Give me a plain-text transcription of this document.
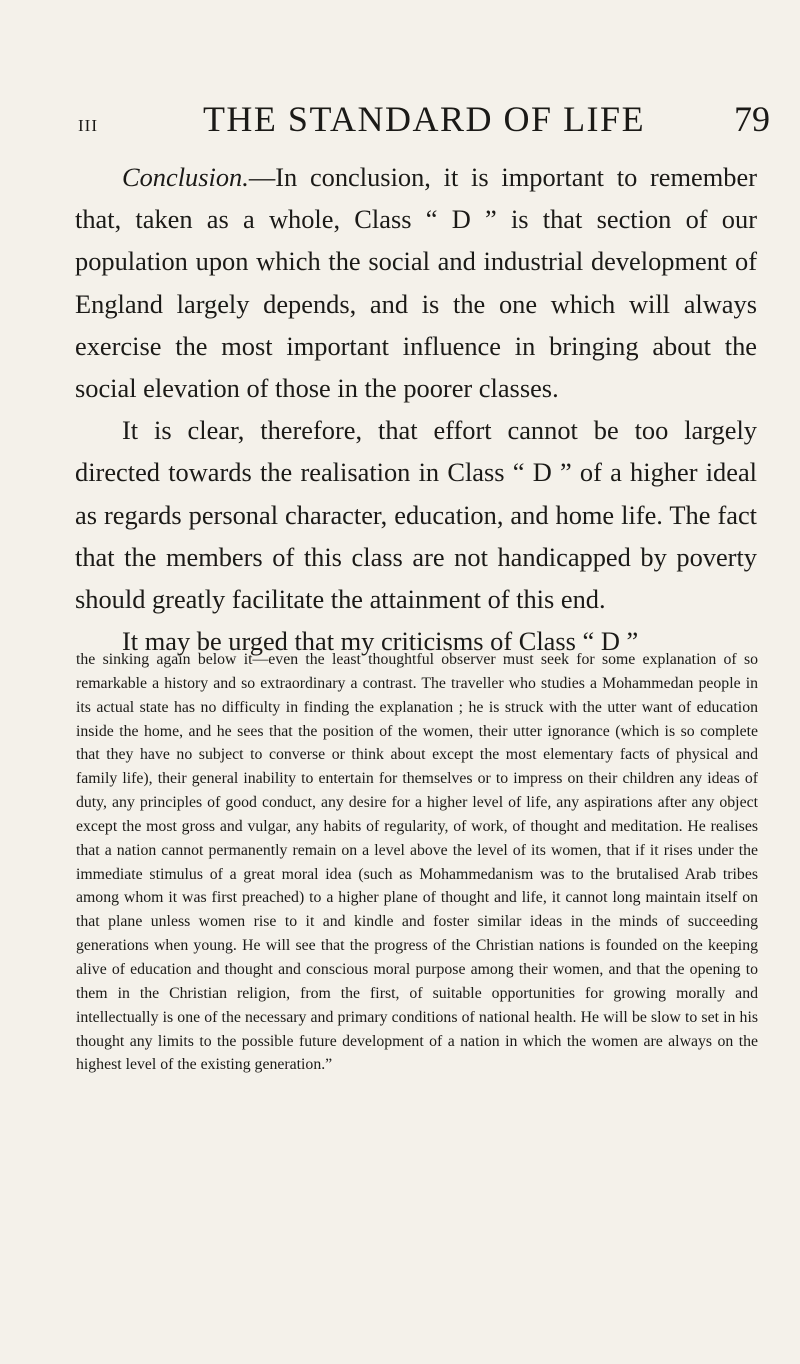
III	THE STANDARD OF LIFE	79

Conclusion.—In conclusion, it is important to remember that, taken as a whole, Class “ D ” is that section of our population upon which the social and industrial development of England largely depends, and is the one which will always exercise the most important influence in bringing about the social elevation of those in the poorer classes.

It is clear, therefore, that effort cannot be too largely directed towards the realisation in Class “ D ” of a higher ideal as regards personal character, education, and home life. The fact that the members of this class are not handicapped by poverty should greatly facilitate the attainment of this end.

It may be urged that my criticisms of Class “ D ”

the sinking again below it—even the least thoughtful observer must seek for some explanation of so remarkable a history and so extraordinary a contrast. The traveller who studies a Mohammedan people in its actual state has no difficulty in finding the explanation ; he is struck with the utter want of education inside the home, and he sees that the position of the women, their utter ignorance (which is so complete that they have no subject to converse or think about except the most elementary facts of physical and family life), their general inability to entertain for themselves or to impress on their children any ideas of duty, any principles of good conduct, any desire for a higher level of life, any aspirations after any object except the most gross and vulgar, any habits of regularity, of work, of thought and meditation. He realises that a nation cannot permanently remain on a level above the level of its women, that if it rises under the immediate stimulus of a great moral idea (such as Mohammedanism was to the brutalised Arab tribes among whom it was first preached) to a higher plane of thought and life, it cannot long maintain itself on that plane unless women rise to it and kindle and foster similar ideas in the minds of succeeding generations when young. He will see that the progress of the Christian nations is founded on the keeping alive of education and thought and conscious moral purpose among their women, and that the opening to them in the Christian religion, from the first, of suitable opportunities for growing morally and intellectually is one of the necessary and primary conditions of national health. He will be slow to set in his thought any limits to the possible future development of a nation in which the women are always on the highest level of the existing generation.”
